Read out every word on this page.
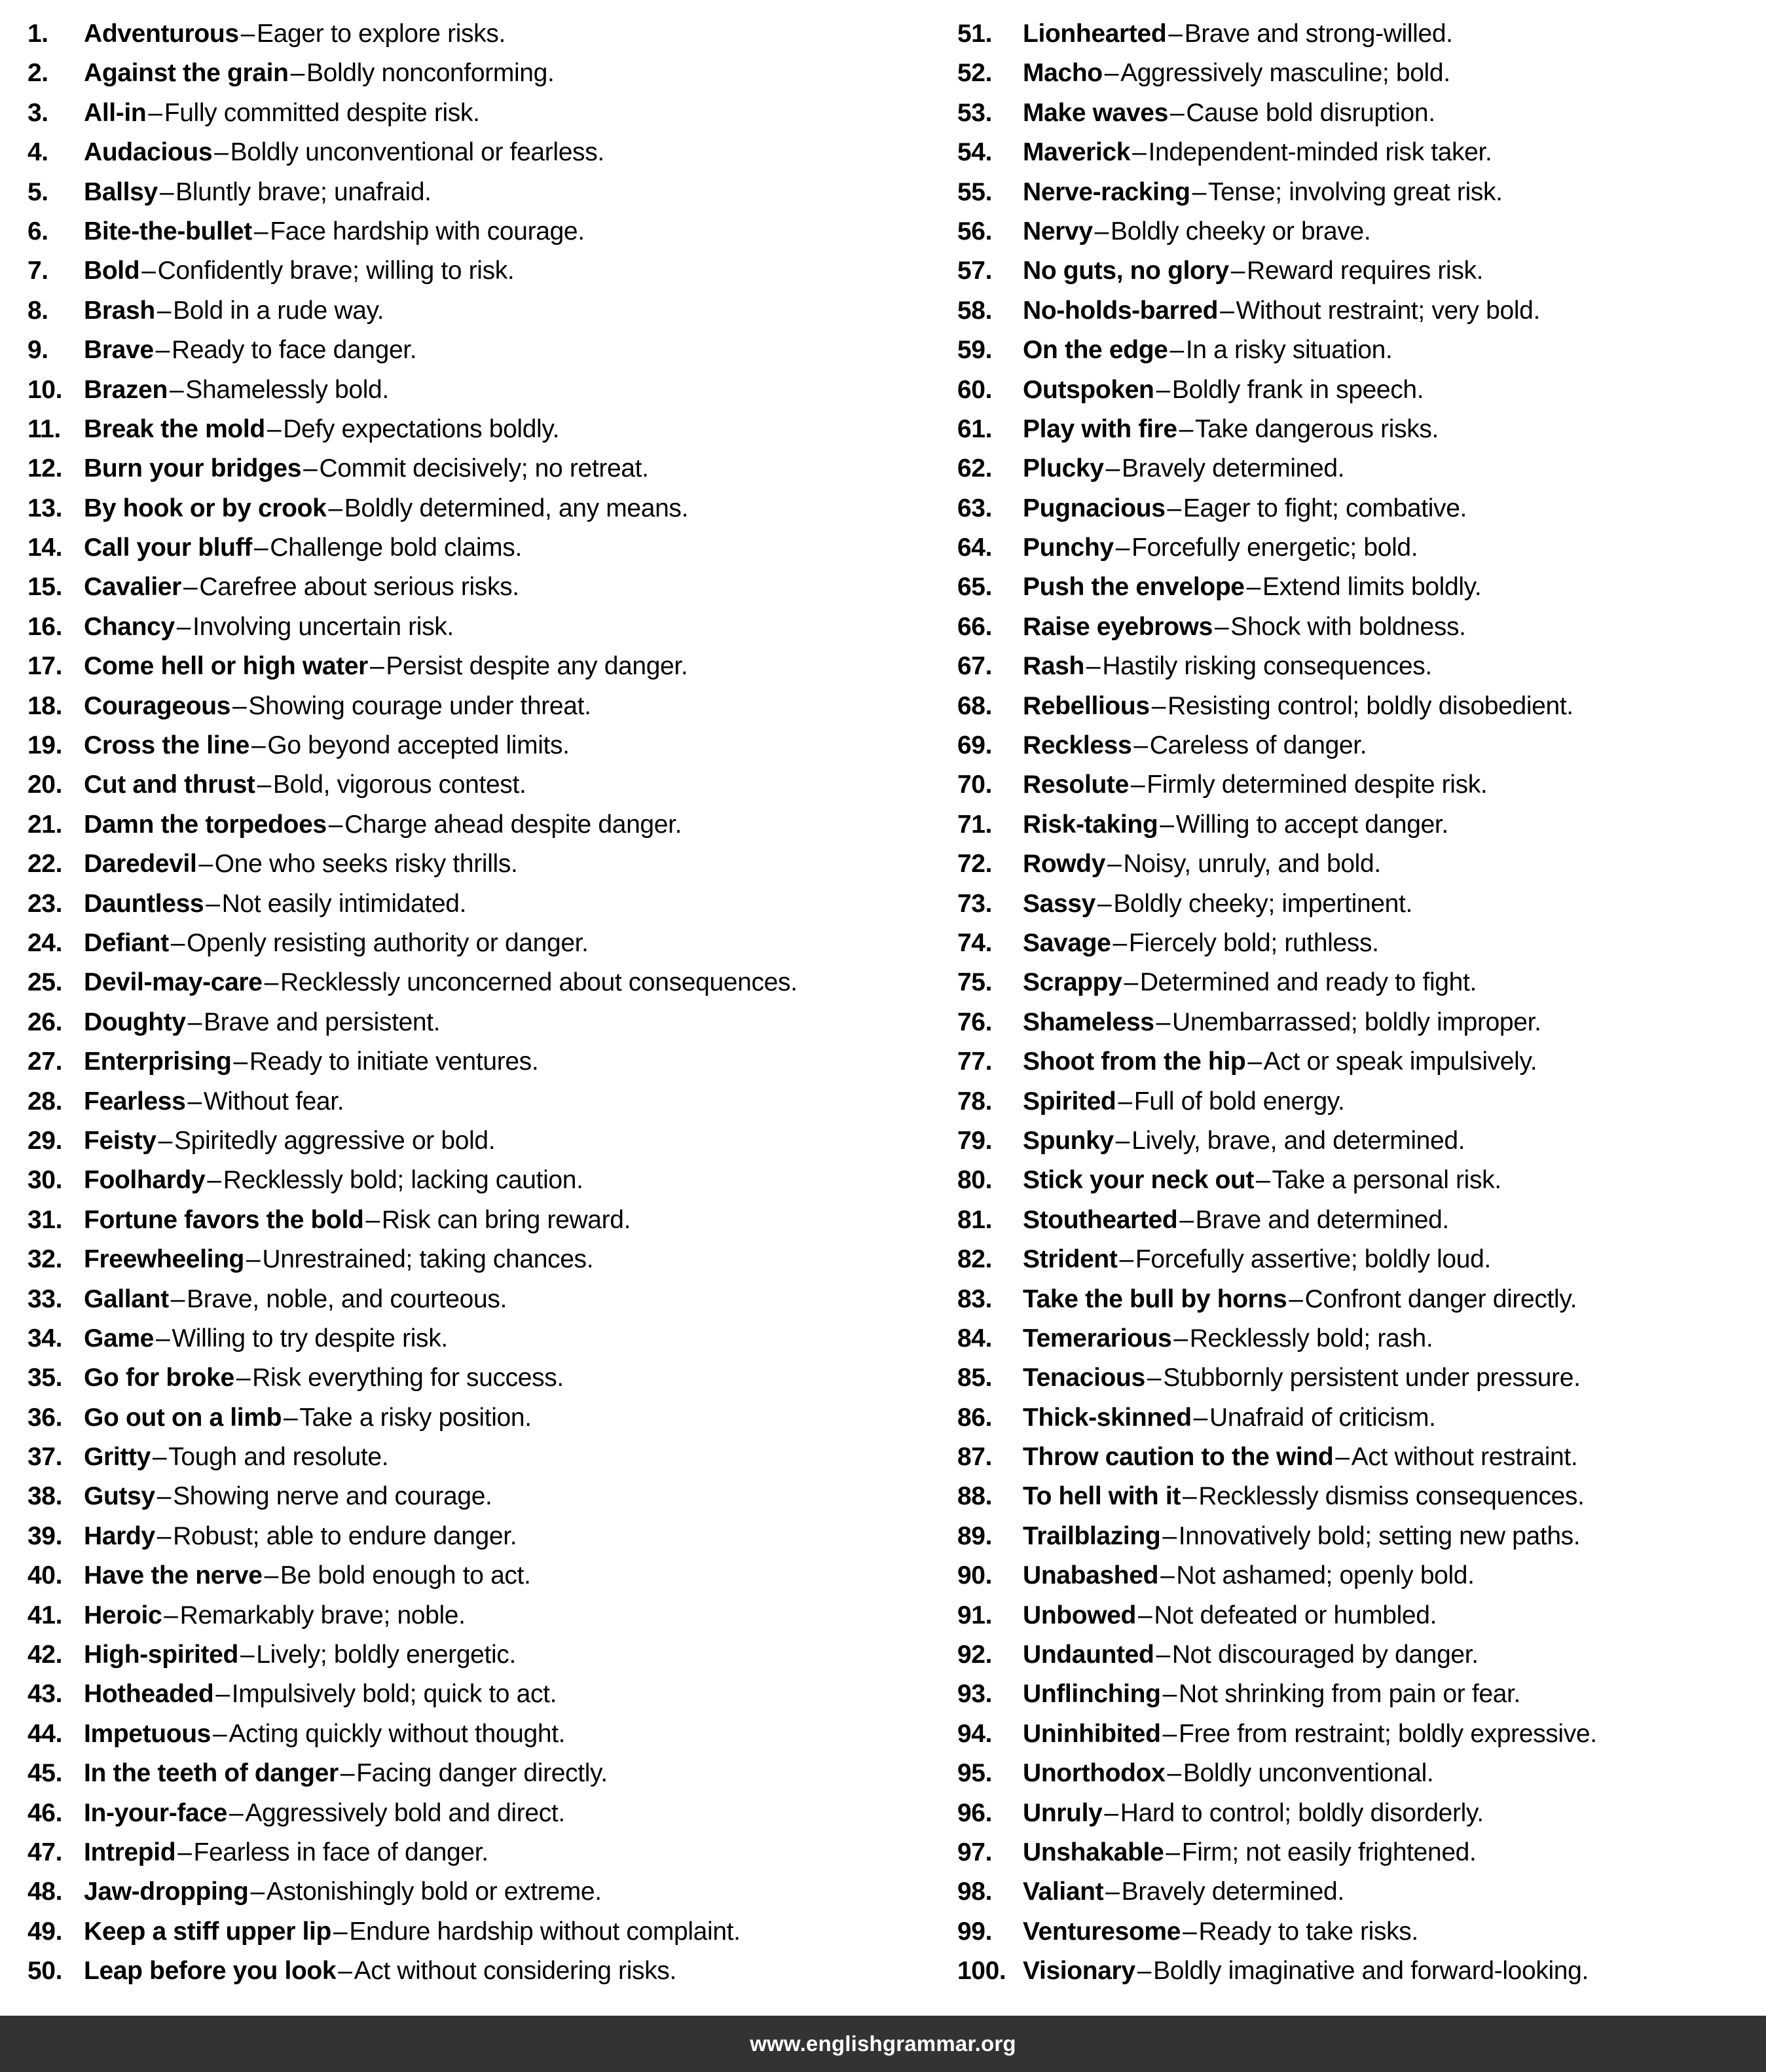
1.	Adventurous–Eager to explore risks.
2.	Against the grain–Boldly nonconforming.
3.	All-in–Fully committed despite risk.
4.	Audacious–Boldly unconventional or fearless.
5.	Ballsy–Bluntly brave; unafraid.
6.	Bite-the-bullet–Face hardship with courage.
7.	Bold–Confidently brave; willing to risk.
8.	Brash–Bold in a rude way.
9.	Brave–Ready to face danger.
10. Brazen–Shamelessly bold.
11. Break the mold–Defy expectations boldly.
12. Burn your bridges–Commit decisively; no retreat.
13. By hook or by crook–Boldly determined, any means.
14. Call your bluff–Challenge bold claims.
15. Cavalier–Carefree about serious risks.
16. Chancy–Involving uncertain risk.
17. Come hell or high water–Persist despite any danger.
18. Courageous–Showing courage under threat.
19. Cross the line–Go beyond accepted limits.
20. Cut and thrust–Bold, vigorous contest.
21. Damn the torpedoes–Charge ahead despite danger.
22. Daredevil–One who seeks risky thrills.
23. Dauntless–Not easily intimidated.
24. Defiant–Openly resisting authority or danger.
25. Devil-may-care–Recklessly unconcerned about consequences.
26. Doughty–Brave and persistent.
27. Enterprising–Ready to initiate ventures.
28. Fearless–Without fear.
29. Feisty–Spiritedly aggressive or bold.
30. Foolhardy–Recklessly bold; lacking caution.
31. Fortune favors the bold–Risk can bring reward.
32. Freewheeling–Unrestrained; taking chances.
33. Gallant–Brave, noble, and courteous.
34. Game–Willing to try despite risk.
35. Go for broke–Risk everything for success.
36. Go out on a limb–Take a risky position.
37. Gritty–Tough and resolute.
38. Gutsy–Showing nerve and courage.
39. Hardy–Robust; able to endure danger.
40. Have the nerve–Be bold enough to act.
41. Heroic–Remarkably brave; noble.
42. High-spirited–Lively; boldly energetic.
43. Hotheaded–Impulsively bold; quick to act.
44. Impetuous–Acting quickly without thought.
45. In the teeth of danger–Facing danger directly.
46. In-your-face–Aggressively bold and direct.
47. Intrepid–Fearless in face of danger.
48. Jaw-dropping–Astonishingly bold or extreme.
49. Keep a stiff upper lip–Endure hardship without complaint.
50. Leap before you look–Act without considering risks.
51.	Lionhearted–Brave and strong-willed.
52.	Macho–Aggressively masculine; bold.
53.	Make waves–Cause bold disruption.
54.	Maverick–Independent-minded risk taker.
55.	Nerve-racking–Tense; involving great risk.
56.	Nervy–Boldly cheeky or brave.
57.	No guts, no glory–Reward requires risk.
58.	No-holds-barred–Without restraint; very bold.
59.	On the edge–In a risky situation.
60.	Outspoken–Boldly frank in speech.
61.	Play with fire–Take dangerous risks.
62.	Plucky–Bravely determined.
63.	Pugnacious–Eager to fight; combative.
64.	Punchy–Forcefully energetic; bold.
65.	Push the envelope–Extend limits boldly.
66.	Raise eyebrows–Shock with boldness.
67.	Rash–Hastily risking consequences.
68.	Rebellious–Resisting control; boldly disobedient.
69.	Reckless–Careless of danger.
70.	Resolute–Firmly determined despite risk.
71.	Risk-taking–Willing to accept danger.
72.	Rowdy–Noisy, unruly, and bold.
73.	Sassy–Boldly cheeky; impertinent.
74.	Savage–Fiercely bold; ruthless.
75.	Scrappy–Determined and ready to fight.
76.	Shameless–Unembarrassed; boldly improper.
77.	Shoot from the hip–Act or speak impulsively.
78.	Spirited–Full of bold energy.
79.	Spunky–Lively, brave, and determined.
80.	Stick your neck out–Take a personal risk.
81.	Stouthearted–Brave and determined.
82.	Strident–Forcefully assertive; boldly loud.
83.	Take the bull by horns–Confront danger directly.
84.	Temerarious–Recklessly bold; rash.
85.	Tenacious–Stubbornly persistent under pressure.
86.	Thick-skinned–Unafraid of criticism.
87.	Throw caution to the wind–Act without restraint.
88.	To hell with it–Recklessly dismiss consequences.
89.	Trailblazing–Innovatively bold; setting new paths.
90.	Unabashed–Not ashamed; openly bold.
91.	Unbowed–Not defeated or humbled.
92.	Undaunted–Not discouraged by danger.
93.	Unflinching–Not shrinking from pain or fear.
94.	Uninhibited–Free from restraint; boldly expressive.
95.	Unorthodox–Boldly unconventional.
96.	Unruly–Hard to control; boldly disorderly.
97.	Unshakable–Firm; not easily frightened.
98.	Valiant–Bravely determined.
99.	Venturesome–Ready to take risks.
100. Visionary–Boldly imaginative and forward-looking.
www.englishgrammar.org
